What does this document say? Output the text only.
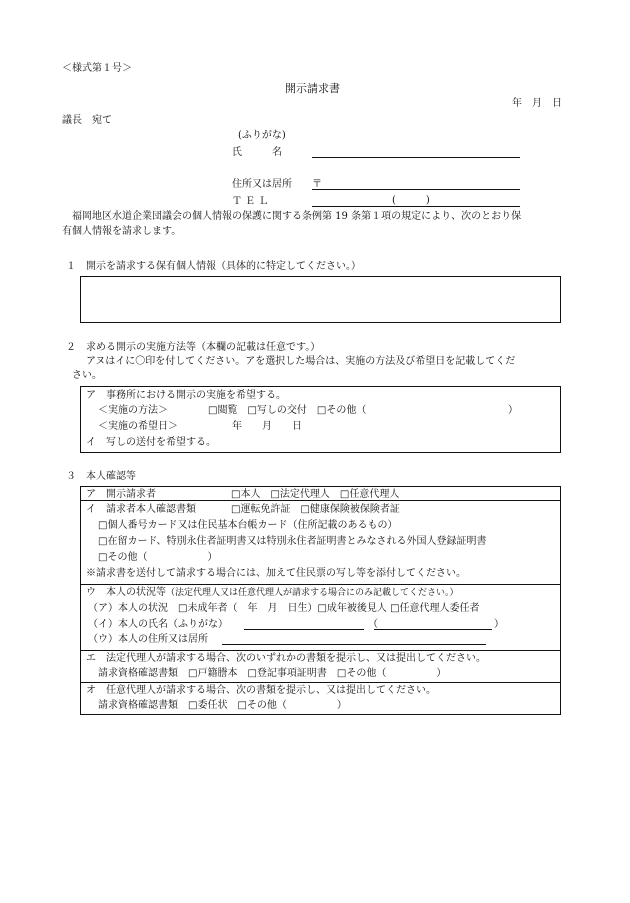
＜様式第１号＞
開示請求書
年　月　日
議長　宛て
(ふりがな)
氏　　　名
住所又は居所 〒
Ｔ Ｅ Ｌ	(　　　)
福岡地区水道企業団議会の個人情報の保護に関する条例第 19 条第１項の規定により、次のとおり保
有個人情報を請求します。
１　開示を請求する保有個人情報（具体的に特定してください。）
２　求める開示の実施方法等（本欄の記載は任意です。）
アヌはイに〇印を付してください。アを選択した場合は、実施の方法及び希望日を記載してくだ
さい。
ア　事務所における開示の実施を希望する。
＜実施の方法＞	□閲覧　□写しの交付　□その他（	）
＜実施の希望日＞	年　　月　　日
イ　写しの送付を希望する。
３　本人確認等
ア　開示請求者	□本人　□法定代理人　□任意代理人
イ　請求者本人確認書類	□運転免許証　□健康保険被保険者証
□個人番号カード又は住民基本台帳カード（住所記載のあるもの）
□在留カード、特別永住者証明書又は特別永住者証明書とみなされる外国人登録証明書
□その他（　　　　　　）
※請求書を送付して請求する場合には、加えて住民票の写し等を添付してください。
ウ　本人の状況等（法定代理人又は任意代理人が請求する場合にのみ記載してください。）
（ア）本人の状況　□未成年者（　年　月　日生）□成年被後見人 □任意代理人委任者
（イ）本人の氏名（ふりがな）	（	）
（ウ）本人の住所又は居所
エ　法定代理人が請求する場合、次のいずれかの書類を提示し、又は提出してください。
請求資格確認書類　□戸籍謄本　□登記事項証明書　□その他（　　　　　）
オ　任意代理人が請求する場合、次の書類を提示し、又は提出してください。
請求資格確認書類　□委任状　□その他（　　　　　）
